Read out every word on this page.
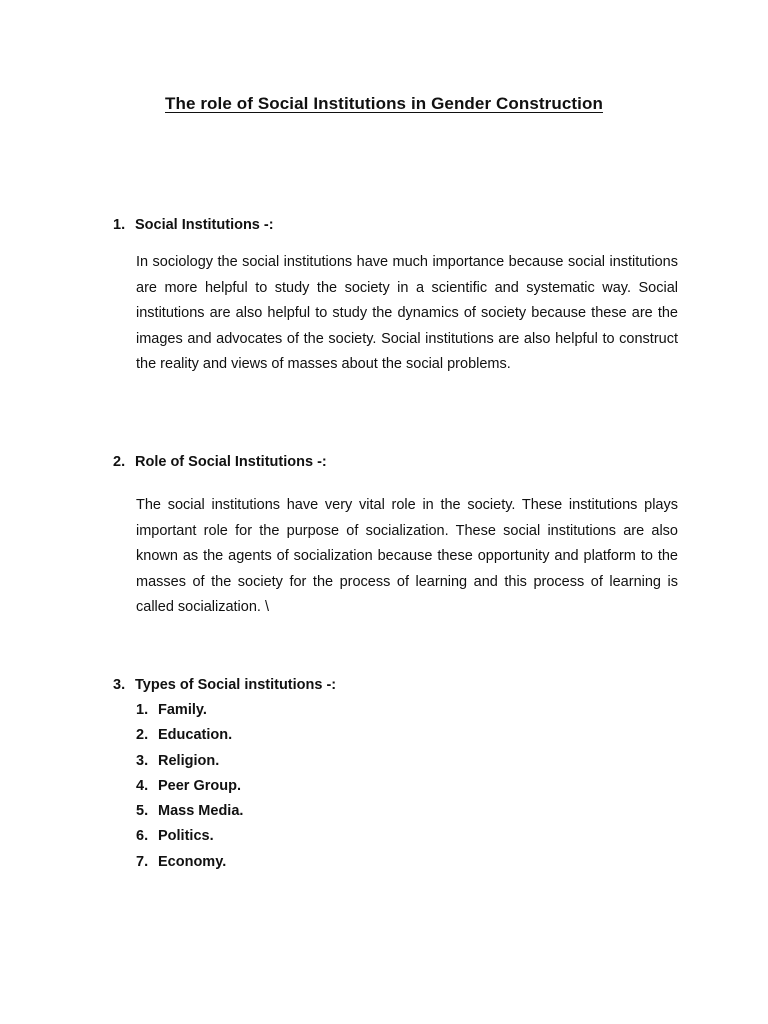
The role of Social Institutions in Gender Construction
1. Social Institutions -:

In sociology the social institutions have much importance because social institutions are more helpful to study the society in a scientific and systematic way. Social institutions are also helpful to study the dynamics of society because these are the images and advocates of the society. Social institutions are also helpful to construct the reality and views of masses about the social problems.

2. Role of Social Institutions -:

The social institutions have very vital role in the society. These institutions plays important role for the purpose of socialization. These social institutions are also known as the agents of socialization because these opportunity and platform to the masses of the society for the process of learning and this process of learning is called socialization. \

3. Types of Social institutions -:
1. Family.
2. Education.
3. Religion.
4. Peer Group.
5. Mass Media.
6. Politics.
7. Economy.
